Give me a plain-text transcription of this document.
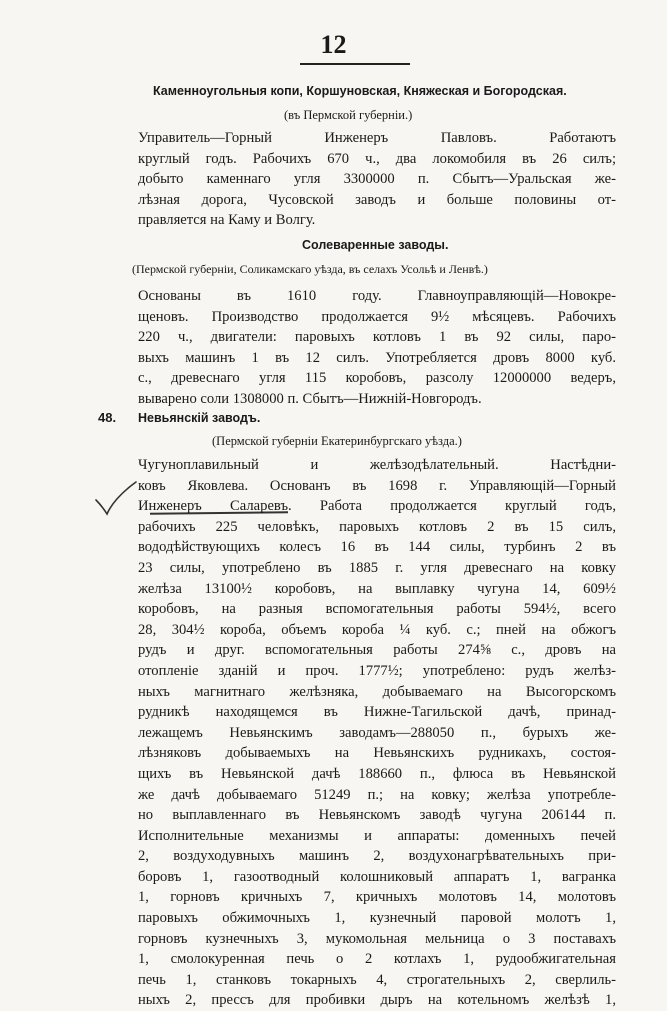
12
Каменноугольныя копи, Коршуновская, Княжеская и Богородская.
(въ Пермской губерніи.)
Управитель—Горный Инженеръ Павловъ. Работаютъ
круглый годъ. Рабочихъ 670 ч., два локомобиля въ 26 силъ;
добыто каменнаго угля 3300000 п. Сбытъ—Уральская же-
лѣзная дорога, Чусовской заводъ и больше половины от-
правляется на Каму и Волгу.
Солеваренные заводы.
(Пермской губерніи, Соликамскаго уѣзда, въ селахъ Усольѣ и Ленвѣ.)
Основаны въ 1610 году. Главноуправляющій—Новокре-
щеновъ. Производство продолжается 9½ мѣсяцевъ. Рабочихъ
220 ч., двигатели: паровыхъ котловъ 1 въ 92 силы, паро-
выхъ машинъ 1 въ 12 силъ. Употребляется дровъ 8000 куб.
с., древеснаго угля 115 коробовъ, разсолу 12000000 ведеръ,
выварено соли 1308000 п. Сбытъ—Нижній-Новгородъ.
48. Невьянскій заводъ.
(Пермской губерніи Екатеринбургскаго уѣзда.)
Чугуноплавильный и желѣзодѣлательный. Настѣдни-
ковъ Яковлева. Основанъ въ 1698 г. Управляющій—Горный
Инженеръ Саларевъ. Работа продолжается круглый годъ,
рабочихъ 225 человѣкъ, паровыхъ котловъ 2 въ 15 силъ,
вододѣйствующихъ колесъ 16 въ 144 силы, турбинъ 2 въ
23 силы, употреблено въ 1885 г. угля древеснаго на ковку
желѣза 13100½ коробовъ, на выплавку чугуна 14, 609½
коробовъ, на разныя вспомогательныя работы 594½, всего
28, 304½ короба, объемъ короба ¼ куб. с.; пней на обжогъ
рудъ и друг. вспомогательныя работы 274⅝ с., дровъ на
отопленіе зданій и проч. 1777½; употреблено: рудъ желѣз-
ныхъ магнитнаго желѣзняка, добываемаго на Высогорскомъ
рудникѣ находящемся въ Нижне-Тагильской дачѣ, принад-
лежащемъ Невьянскимъ заводамъ—288050 п., бурыхъ же-
лѣзняковъ добываемыхъ на Невьянскихъ рудникахъ, состоя-
щихъ въ Невьянской дачѣ 188660 п., флюса въ Невьянской
же дачѣ добываемаго 51249 п.; на ковку; желѣза употребле-
но выплавленнаго въ Невьянскомъ заводѣ чугуна 206144 п.
Исполнительные механизмы и аппараты: доменныхъ печей
2, воздуходувныхъ машинъ 2, воздухонагрѣвательныхъ при-
боровъ 1, газоотводный колошниковый аппаратъ 1, вагранка
1, горновъ кричныхъ 7, кричныхъ молотовъ 14, молотовъ
паровыхъ обжимочныхъ 1, кузнечный паровой молотъ 1,
горновъ кузнечныхъ 3, мукомольная мельница о 3 поставахъ
1, смолокуренная печь о 2 котлахъ 1, рудообжигательная
печь 1, станковъ токарныхъ 4, строгательныхъ 2, сверлиль-
ныхъ 2, прессъ для пробивки дыръ на котельномъ желѣзѣ 1,
